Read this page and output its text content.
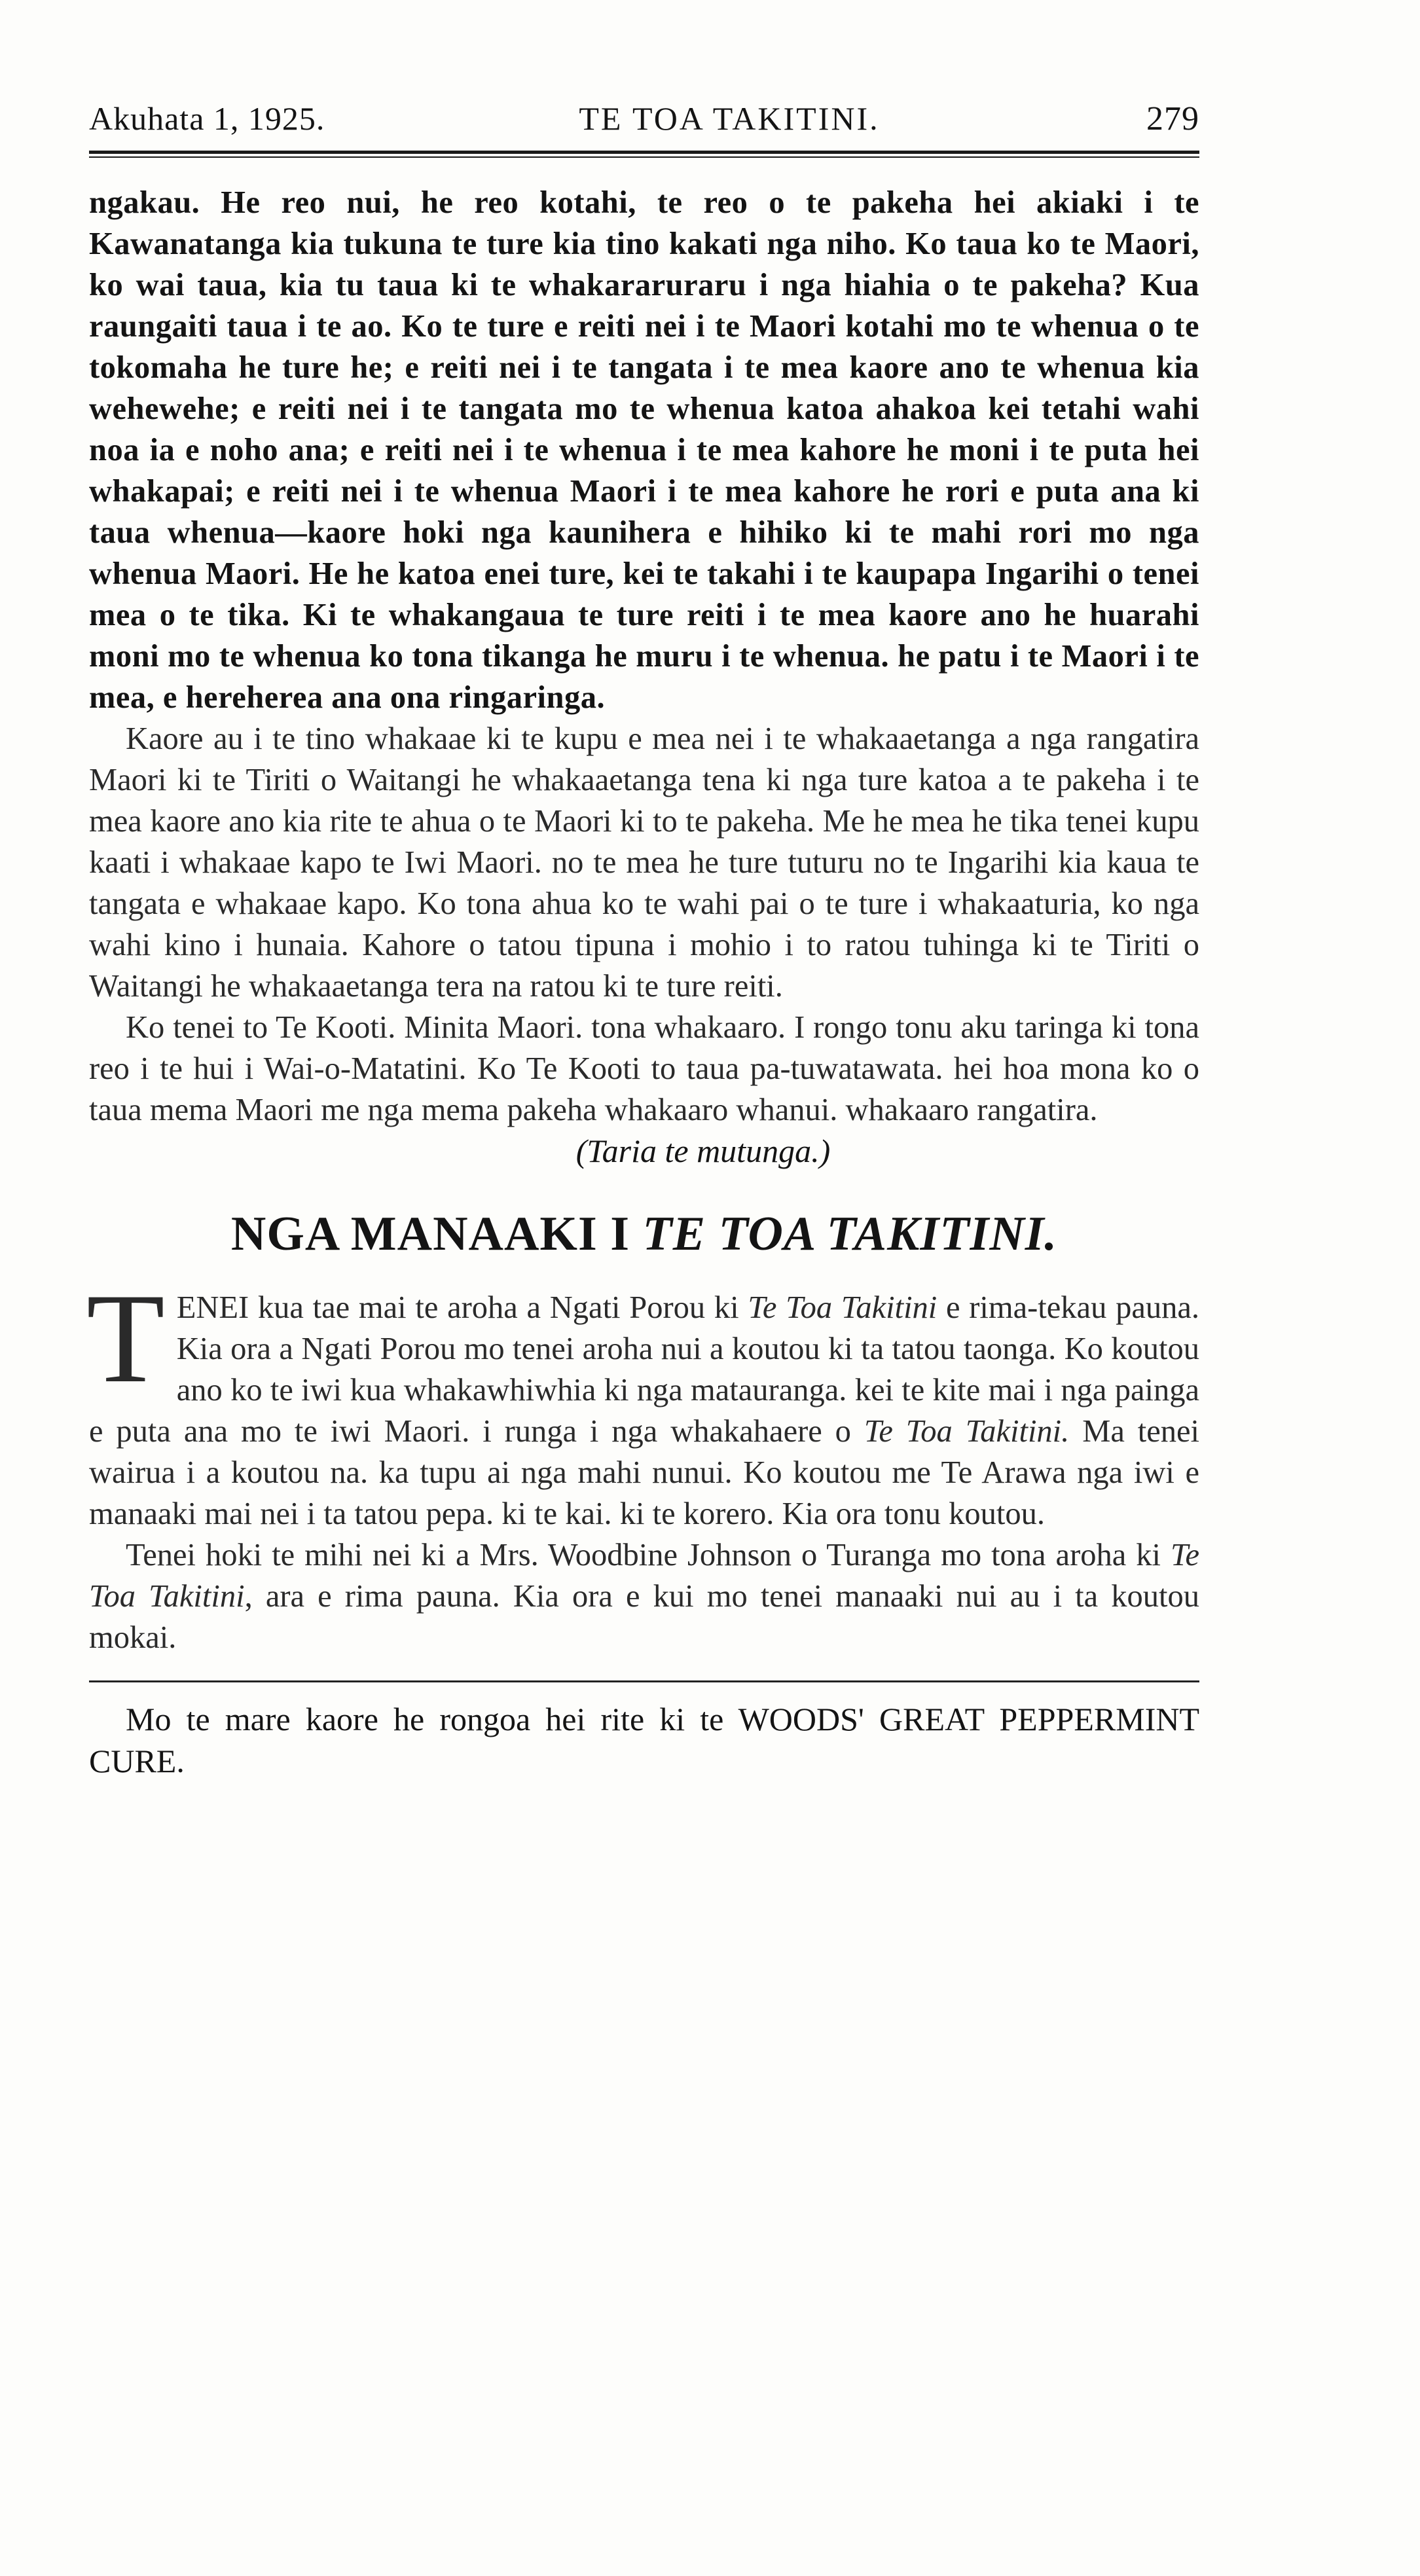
Akuhata 1, 1925.	TE TOA TAKITINI.	279

ngakau. He reo nui, he reo kotahi, te reo o te pakeha hei akiaki i te Kawanatanga kia tukuna te ture kia tino kakati nga niho. Ko taua ko te Maori, ko wai taua, kia tu taua ki te whakararuraru i nga hiahia o te pakeha? Kua raungaiti taua i te ao. Ko te ture e reiti nei i te Maori kotahi mo te whenua o te tokomaha he ture he; e reiti nei i te tangata i te mea kaore ano te whenua kia wehewehe; e reiti nei i te tangata mo te whenua katoa ahakoa kei tetahi wahi noa ia e noho ana; e reiti nei i te whenua i te mea kahore he moni i te puta hei whakapai; e reiti nei i te whenua Maori i te mea kahore he rori e puta ana ki taua whenua—kaore hoki nga kaunihera e hihiko ki te mahi rori mo nga whenua Maori. He he katoa enei ture, kei te takahi i te kaupapa Ingarihi o tenei mea o te tika. Ki te whakangaua te ture reiti i te mea kaore ano he huarahi moni mo te whenua ko tona tikanga he muru i te whenua. he patu i te Maori i te mea, e herehereа ana ona ringaringa.

Kaore au i te tino whakaae ki te kupu e mea nei i te whakaaetanga a nga rangatira Maori ki te Tiriti o Waitangi he whakaaetanga tena ki nga ture katoa a te pakeha i te mea kaore ano kia rite te ahua o te Maori ki to te pakeha. Me he mea he tika tenei kupu kaati i whakaae kapo te Iwi Maori. no te mea he ture tuturu no te Ingarihi kia kaua te tangata e whakaae kapo. Ko tona ahua ko te wahi pai o te ture i whakaaturia, ko nga wahi kino i hunaia. Kahore o tatou tipuna i mohio i to ratou tuhinga ki te Tiriti o Waitangi he whakaaetanga tera na ratou ki te ture reiti.

Ko tenei to Te Kooti. Minita Maori. tona whakaaro. I rongo tonu aku taringa ki tona reo i te hui i Wai-o-Matatini. Ko Te Kooti to taua pa-tuwatawata. hei hoa mona ko o taua mema Maori me nga mema pakeha whakaaro whanui. whakaaro rangatira.

(Taria te mutunga.)

NGA MANAAKI I TE TOA TAKITINI.

TENEI kua tae mai te aroha a Ngati Porou ki Te Toa Takitini e rima-tekau pauna. Kia ora a Ngati Porou mo tenei aroha nui a koutou ki ta tatou taonga. Ko koutou ano ko te iwi kua whakawhiwhia ki nga matauranga. kei te kite mai i nga painga e puta ana mo te iwi Maori. i runga i nga whakahaere o Te Toa Takitini. Ma tenei wairua i a koutou na. ka tupu ai nga mahi nunui. Ko koutou me Te Arawa nga iwi e manaaki mai nei i ta tatou pepa. ki te kai. ki te korero. Kia ora tonu koutou.

Tenei hoki te mihi nei ki a Mrs. Woodbine Johnson o Turanga mo tona aroha ki Te Toa Takitini, ara e rima pauna. Kia ora e kui mo tenei manaaki nui au i ta koutou mokai.

Mo te mare kaore he rongoa hei rite ki te WOODS' GREAT PEPPERMINT CURE.
